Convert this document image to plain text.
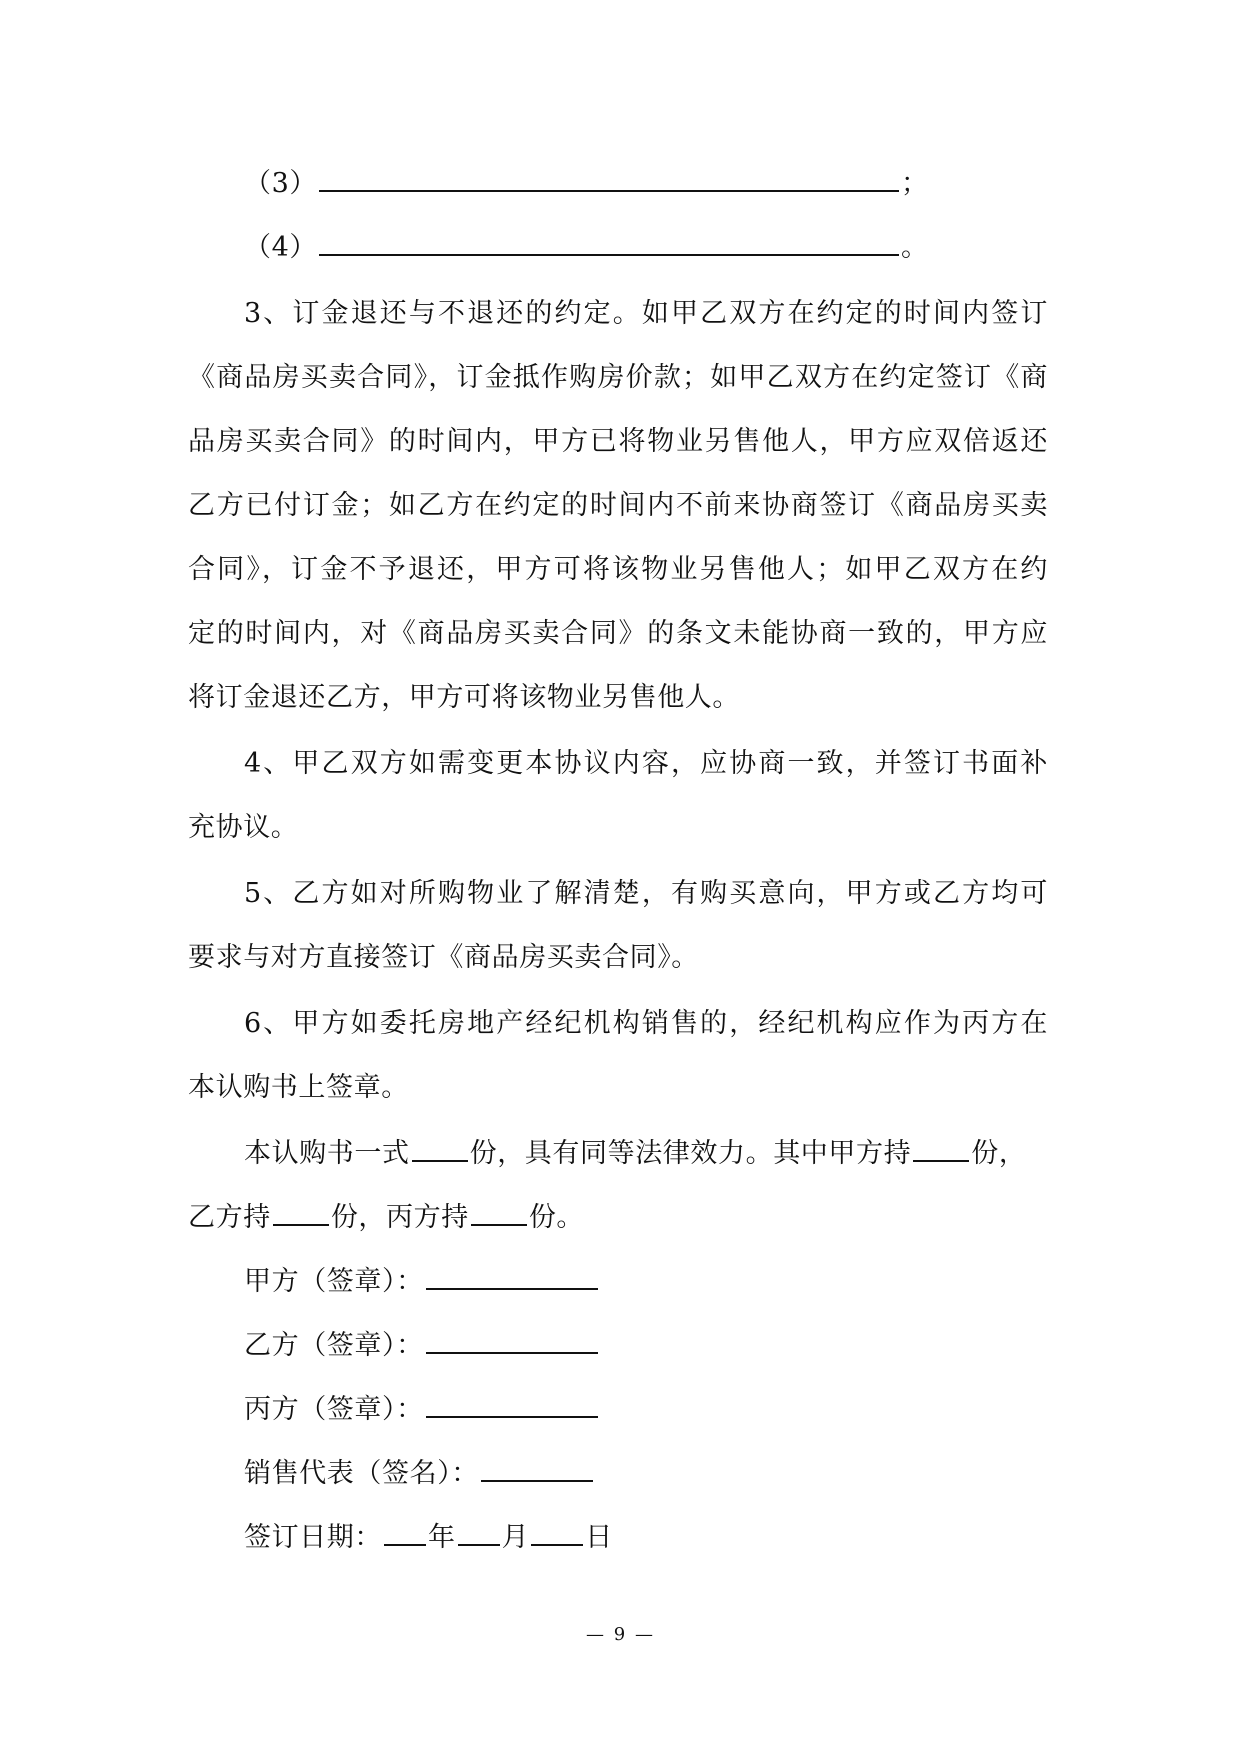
（3）	；
（4）	。
3、订金退还与不退还的约定。如甲乙双方在约定的时间内签订
《商品房买卖合同》，订金抵作购房价款；如甲乙双方在约定签订《商
品房买卖合同》的时间内，甲方已将物业另售他人，甲方应双倍返还
乙方已付订金；如乙方在约定的时间内不前来协商签订《商品房买卖
合同》，订金不予退还，甲方可将该物业另售他人；如甲乙双方在约
定的时间内，对《商品房买卖合同》的条文未能协商一致的，甲方应
将订金退还乙方，甲方可将该物业另售他人。
4、甲乙双方如需变更本协议内容，应协商一致，并签订书面补
充协议。
5、乙方如对所购物业了解清楚，有购买意向，甲方或乙方均可
要求与对方直接签订《商品房买卖合同》。
6、甲方如委托房地产经纪机构销售的，经纪机构应作为丙方在
本认购书上签章。
本认购书一式 份，具有同等法律效力。其中甲方持 份，
乙方持 份，丙方持 份。
甲方（签章）：
乙方（签章）：
丙方（签章）：
销售代表（签名）：
签订日期： 年 月 日
— 9 —
